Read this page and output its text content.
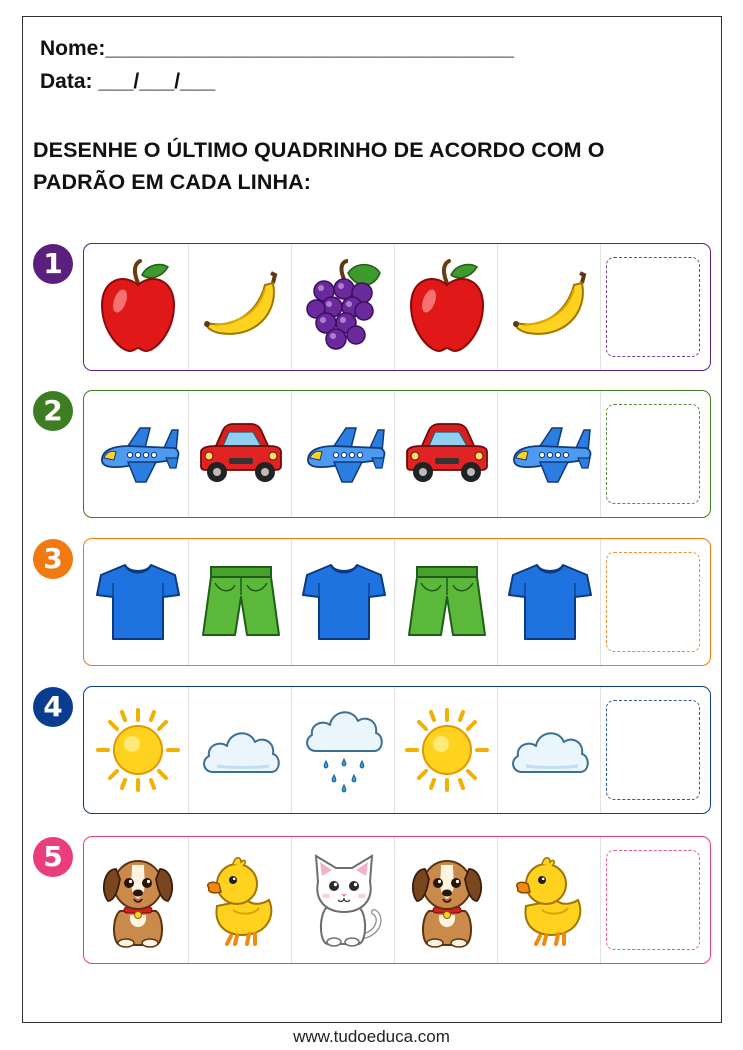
Nome:___________________________________
Data: ___/___/___
DESENHE O ÚLTIMO QUADRINHO DE ACORDO COM O PADRÃO EM CADA LINHA:
1
2
3
4
5
www.tudoeduca.com
